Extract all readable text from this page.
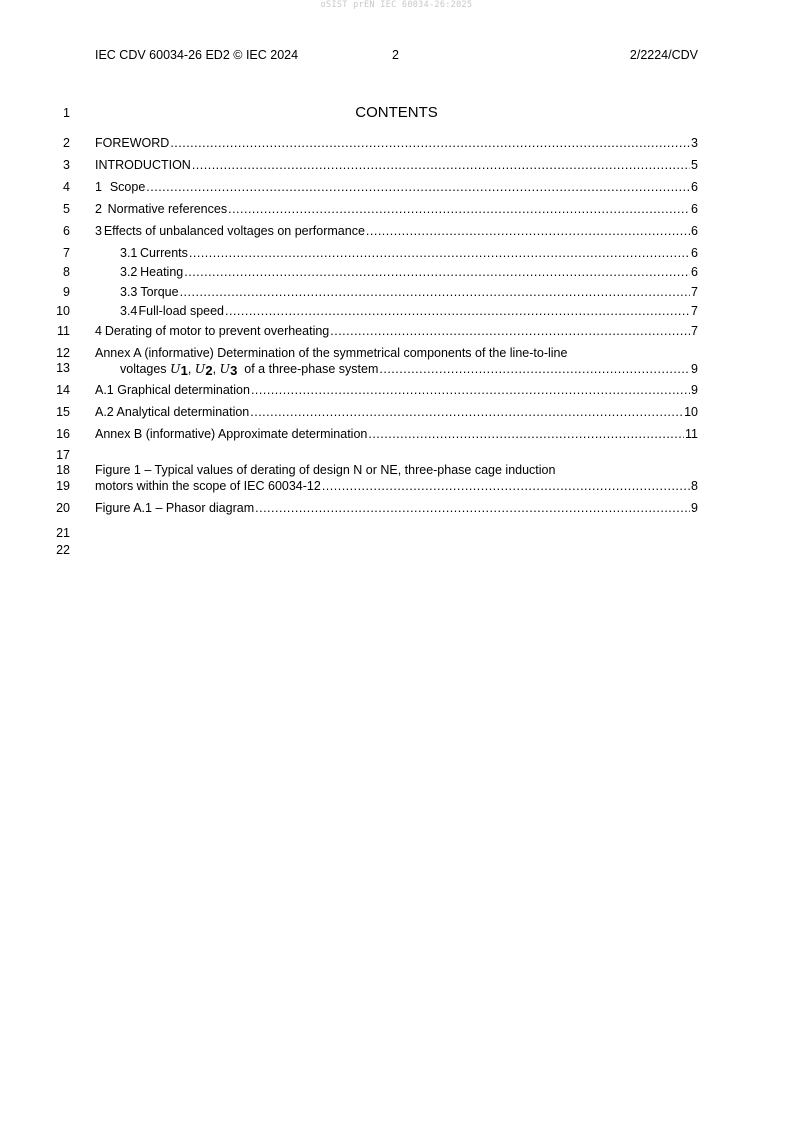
oSIST prEN IEC 60034-26:2025
IEC CDV 60034-26 ED2 © IEC 2024	2	2/2224/CDV
1
2
3
4
5
6
7
8
9
10
11
12
13
14
15
16
17
18
19
20
21
22
CONTENTS
FOREWORD .....	3
INTRODUCTION .....	5
1 Scope .....	6
2 Normative references .....	6
3 Effects of unbalanced voltages on performance .....	6
3.1 Currents .....	6
3.2 Heating .....	6
3.3 Torque .....	7
3.4 Full-load speed .....	7
4 Derating of motor to prevent overheating .....	7
Annex A (informative) Determination of the symmetrical components of the line-to-line
voltages U1, U2, U3 of a three-phase system .....	9
A.1 Graphical determination .....	9
A.2 Analytical determination .....	10
Annex B (informative) Approximate determination .....	11
Figure 1 – Typical values of derating of design N or NE, three-phase cage induction
motors within the scope of IEC 60034-12 .....	8
Figure A.1 – Phasor diagram .....	9
